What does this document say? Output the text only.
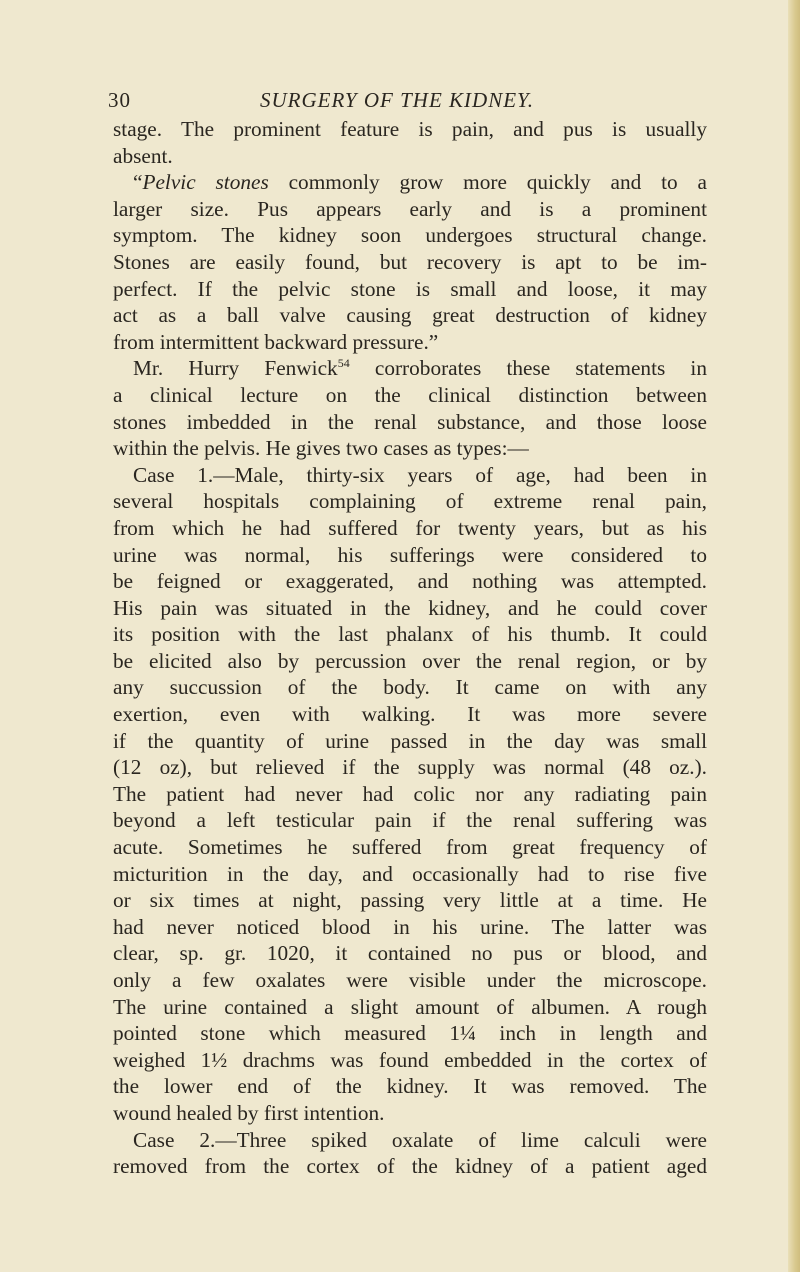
30	SURGERY OF THE KIDNEY.
stage. The prominent feature is pain, and pus is usually
absent.
“Pelvic stones commonly grow more quickly and to a
larger size. Pus appears early and is a prominent
symptom. The kidney soon undergoes structural change.
Stones are easily found, but recovery is apt to be im-
perfect. If the pelvic stone is small and loose, it may
act as a ball valve causing great destruction of kidney
from intermittent backward pressure.”
Mr. Hurry Fenwick$^{54}$ corroborates these statements in
a clinical lecture on the clinical distinction between
stones imbedded in the renal substance, and those loose
within the pelvis. He gives two cases as types:—
Case 1.—Male, thirty-six years of age, had been in
several hospitals complaining of extreme renal pain,
from which he had suffered for twenty years, but as his
urine was normal, his sufferings were considered to
be feigned or exaggerated, and nothing was attempted.
His pain was situated in the kidney, and he could cover
its position with the last phalanx of his thumb. It could
be elicited also by percussion over the renal region, or by
any succussion of the body. It came on with any
exertion, even with walking. It was more severe
if the quantity of urine passed in the day was small
(12 oz), but relieved if the supply was normal (48 oz.).
The patient had never had colic nor any radiating pain
beyond a left testicular pain if the renal suffering was
acute. Sometimes he suffered from great frequency of
micturition in the day, and occasionally had to rise five
or six times at night, passing very little at a time. He
had never noticed blood in his urine. The latter was
clear, sp. gr. 1020, it contained no pus or blood, and
only a few oxalates were visible under the microscope.
The urine contained a slight amount of albumen. A rough
pointed stone which measured 1¼ inch in length and
weighed 1½ drachms was found embedded in the cortex of
the lower end of the kidney. It was removed. The
wound healed by first intention.
Case 2.—Three spiked oxalate of lime calculi were
removed from the cortex of the kidney of a patient aged
